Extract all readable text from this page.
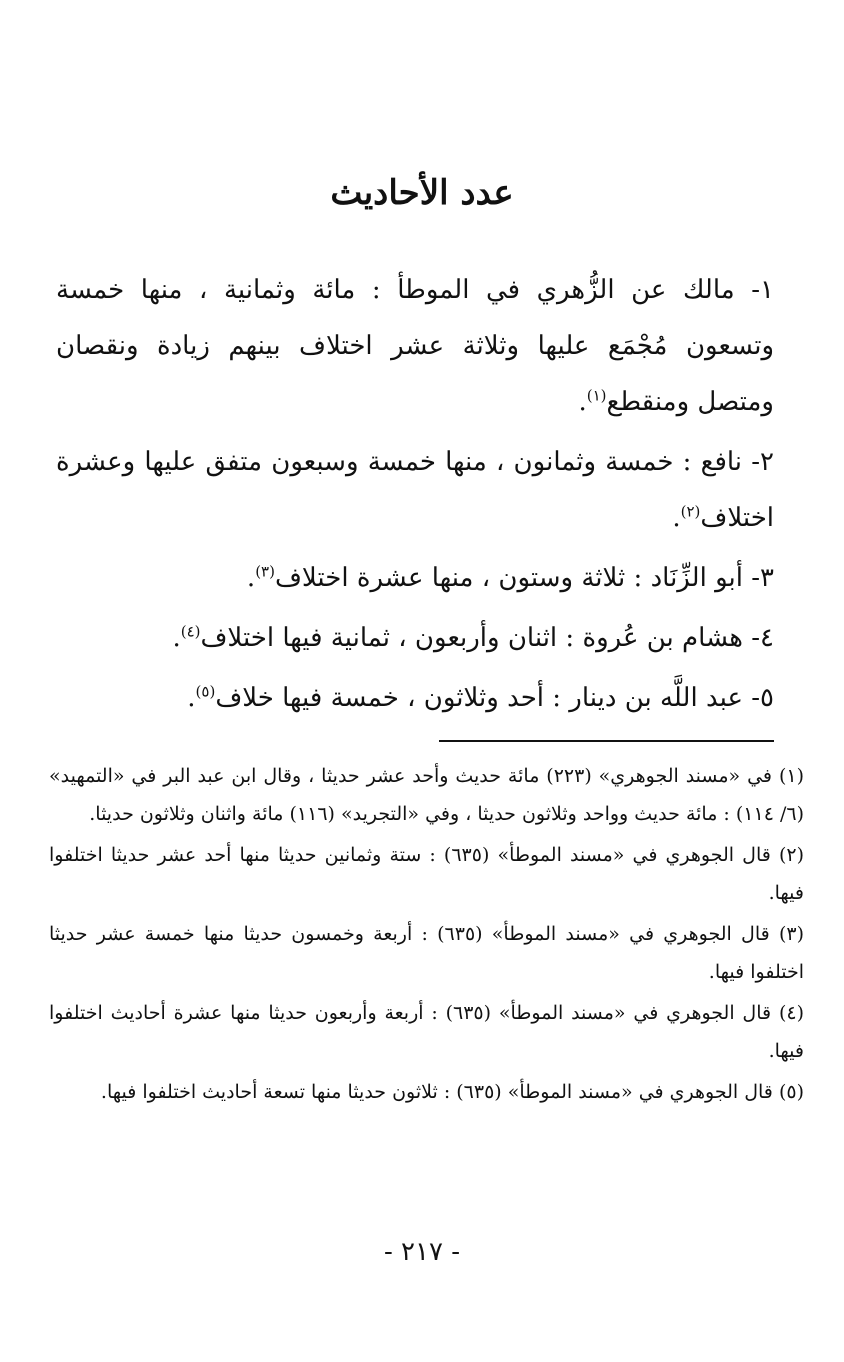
عدد الأحاديث
١- مالك عن الزُّهري في الموطأ : مائة وثمانية ، منها خمسة وتسعون مُجْمَع عليها وثلاثة عشر اختلاف بينهم زيادة ونقصان ومتصل ومنقطع$^{(١)}$.
٢- نافع : خمسة وثمانون ، منها خمسة وسبعون متفق عليها وعشرة اختلاف$^{(٢)}$.
٣- أبو الزِّنَاد : ثلاثة وستون ، منها عشرة اختلاف$^{(٣)}$.
٤- هشام بن عُروة : اثنان وأربعون ، ثمانية فيها اختلاف$^{(٤)}$.
٥- عبد اللَّه بن دينار : أحد وثلاثون ، خمسة فيها خلاف$^{(٥)}$.
(١) في «مسند الجوهري» (٢٢٣) مائة حديث وأحد عشر حديثا ، وقال ابن عبد البر في «التمهيد» (٦/ ١١٤) : مائة حديث وواحد وثلاثون حديثا ، وفي «التجريد» (١١٦) مائة واثنان وثلاثون حديثا.
(٢) قال الجوهري في «مسند الموطأ» (٦٣٥) : ستة وثمانين حديثا منها أحد عشر حديثا اختلفوا فيها.
(٣) قال الجوهري في «مسند الموطأ» (٦٣٥) : أربعة وخمسون حديثا منها خمسة عشر حديثا اختلفوا فيها.
(٤) قال الجوهري في «مسند الموطأ» (٦٣٥) : أربعة وأربعون حديثا منها عشرة أحاديث اختلفوا فيها.
(٥) قال الجوهري في «مسند الموطأ» (٦٣٥) : ثلاثون حديثا منها تسعة أحاديث اختلفوا فيها.
- ٢١٧ -
